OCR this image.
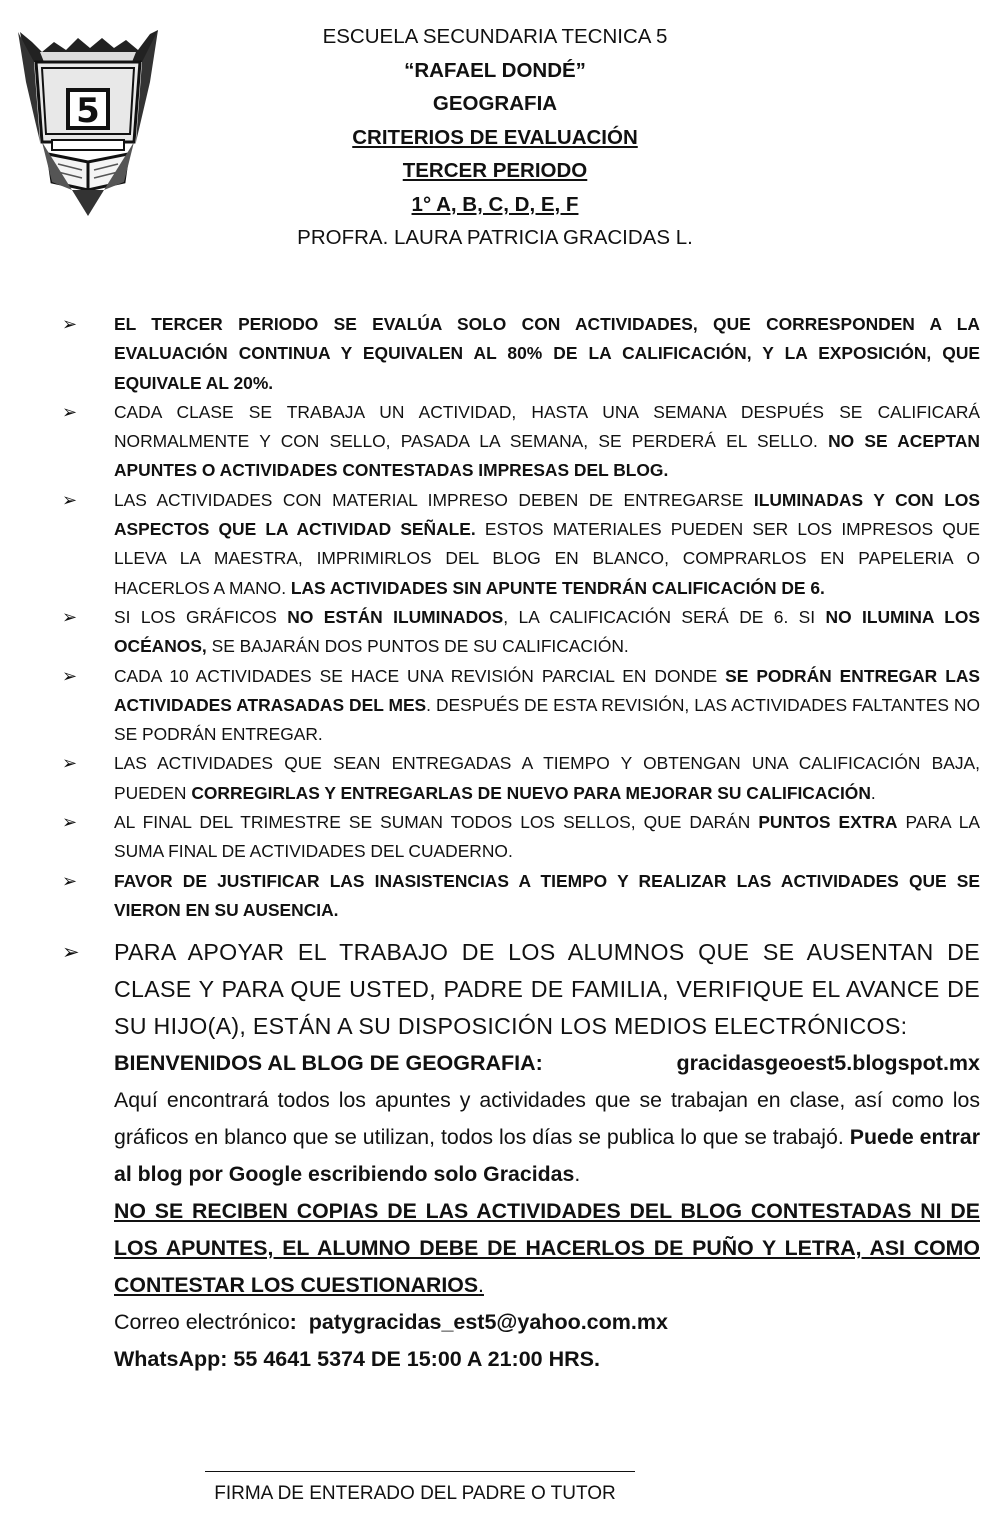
5
ESCUELA SECUNDARIA TECNICA 5
“RAFAEL DONDÉ”
GEOGRAFIA
CRITERIOS DE EVALUACIÓN
TERCER PERIODO
1° A, B, C, D, E, F
PROFRA. LAURA PATRICIA GRACIDAS L.
➢ EL TERCER PERIODO SE EVALÚA SOLO CON ACTIVIDADES, QUE CORRESPONDEN A LA EVALUACIÓN CONTINUA Y EQUIVALEN AL 80% DE LA CALIFICACIÓN, Y LA EXPOSICIÓN, QUE EQUIVALE AL 20%.
➢ CADA CLASE SE TRABAJA UN ACTIVIDAD, HASTA UNA SEMANA DESPUÉS SE CALIFICARÁ NORMALMENTE Y CON SELLO, PASADA LA SEMANA, SE PERDERÁ EL SELLO. NO SE ACEPTAN APUNTES O ACTIVIDADES CONTESTADAS IMPRESAS DEL BLOG.
➢ LAS ACTIVIDADES CON MATERIAL IMPRESO DEBEN DE ENTREGARSE ILUMINADAS Y CON LOS ASPECTOS QUE LA ACTIVIDAD SEÑALE. ESTOS MATERIALES PUEDEN SER LOS IMPRESOS QUE LLEVA LA MAESTRA, IMPRIMIRLOS DEL BLOG EN BLANCO, COMPRARLOS EN PAPELERIA O HACERLOS A MANO. LAS ACTIVIDADES SIN APUNTE TENDRÁN CALIFICACIÓN DE 6.
➢ SI LOS GRÁFICOS NO ESTÁN ILUMINADOS, LA CALIFICACIÓN SERÁ DE 6. SI NO ILUMINA LOS OCÉANOS, SE BAJARÁN DOS PUNTOS DE SU CALIFICACIÓN.
➢ CADA 10 ACTIVIDADES SE HACE UNA REVISIÓN PARCIAL EN DONDE SE PODRÁN ENTREGAR LAS ACTIVIDADES ATRASADAS DEL MES. DESPUÉS DE ESTA REVISIÓN, LAS ACTIVIDADES FALTANTES NO SE PODRÁN ENTREGAR.
➢ LAS ACTIVIDADES QUE SEAN ENTREGADAS A TIEMPO Y OBTENGAN UNA CALIFICACIÓN BAJA, PUEDEN CORREGIRLAS Y ENTREGARLAS DE NUEVO PARA MEJORAR SU CALIFICACIÓN.
➢ AL FINAL DEL TRIMESTRE SE SUMAN TODOS LOS SELLOS, QUE DARÁN PUNTOS EXTRA PARA LA SUMA FINAL DE ACTIVIDADES DEL CUADERNO.
➢ FAVOR DE JUSTIFICAR LAS INASISTENCIAS A TIEMPO Y REALIZAR LAS ACTIVIDADES QUE SE VIERON EN SU AUSENCIA.
➢ PARA APOYAR EL TRABAJO DE LOS ALUMNOS QUE SE AUSENTAN DE CLASE Y PARA QUE USTED, PADRE DE FAMILIA, VERIFIQUE EL AVANCE DE SU HIJO(A), ESTÁN A SU DISPOSICIÓN LOS MEDIOS ELECTRÓNICOS:
BIENVENIDOS AL BLOG DE GEOGRAFIA:	gracidasgeoest5.blogspot.mx
Aquí encontrará todos los apuntes y actividades que se trabajan en clase, así como los gráficos en blanco que se utilizan, todos los días se publica lo que se trabajó. Puede entrar al blog por Google escribiendo solo Gracidas.
NO SE RECIBEN COPIAS DE LAS ACTIVIDADES DEL BLOG CONTESTADAS NI DE LOS APUNTES, EL ALUMNO DEBE DE HACERLOS DE PUÑO Y LETRA, ASI COMO CONTESTAR LOS CUESTIONARIOS.
Correo electrónico: patygracidas_est5@yahoo.com.mx
WhatsApp: 55 4641 5374 DE 15:00 A 21:00 HRS.
FIRMA DE ENTERADO DEL PADRE O TUTOR
